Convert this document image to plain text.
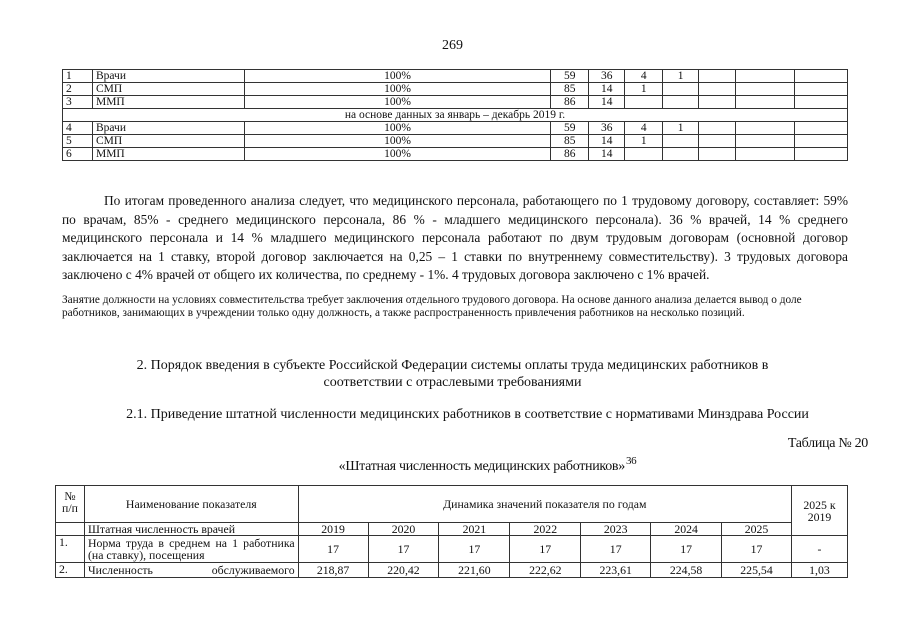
269
1	Врачи	100%	59	36	4	1			
2	СМП	100%	85	14	1				
3	ММП	100%	86	14					
на основе данных за январь – декабрь 2019 г.									
4	Врачи	100%	59	36	4	1			
5	СМП	100%	85	14	1				
6	ММП	100%	86	14					
По итогам проведенного анализа следует, что медицинского персонала, работающего по 1 трудовому договору, составляет: 59% по врачам, 85% - среднего медицинского персонала, 86 % - младшего медицинского персонала). 36 % врачей, 14 % среднего медицинского персонала и 14 % младшего медицинского персонала работают по двум трудовым договорам (основной договор заключается на 1 ставку, второй договор заключается на 0,25 – 1 ставки по внутреннему совместительству). 3 трудовых договора заключено с 4% врачей от общего их количества, по среднему - 1%. 4 трудовых договора заключено с 1% врачей.
Занятие должности на условиях совместительства требует заключения отдельного трудового договора. На основе данного анализа делается вывод о доле работников, занимающих в учреждении только одну должность, а также распространенность привлечения работников на несколько позиций.
2. Порядок введения в субъекте Российской Федерации системы оплаты труда медицинских работников в
соответствии с отраслевыми требованиями
2.1. Приведение штатной численности медицинских работников в соответствие с нормативами Минздрава России
Таблица № 20
«Штатная численность медицинских работников»$^{36}$
№ п/п	Наименование показателя	Динамика значений показателя по годам							2025 к 2019
	Штатная численность врачей	2019	2020	2021	2022	2023	2024	2025	
1.	Норма труда в среднем на 1 работника (на ставку), посещения	17	17	17	17	17	17	17	-
2.	Численность обслуживаемого	218,87	220,42	221,60	222,62	223,61	224,58	225,54	1,03
